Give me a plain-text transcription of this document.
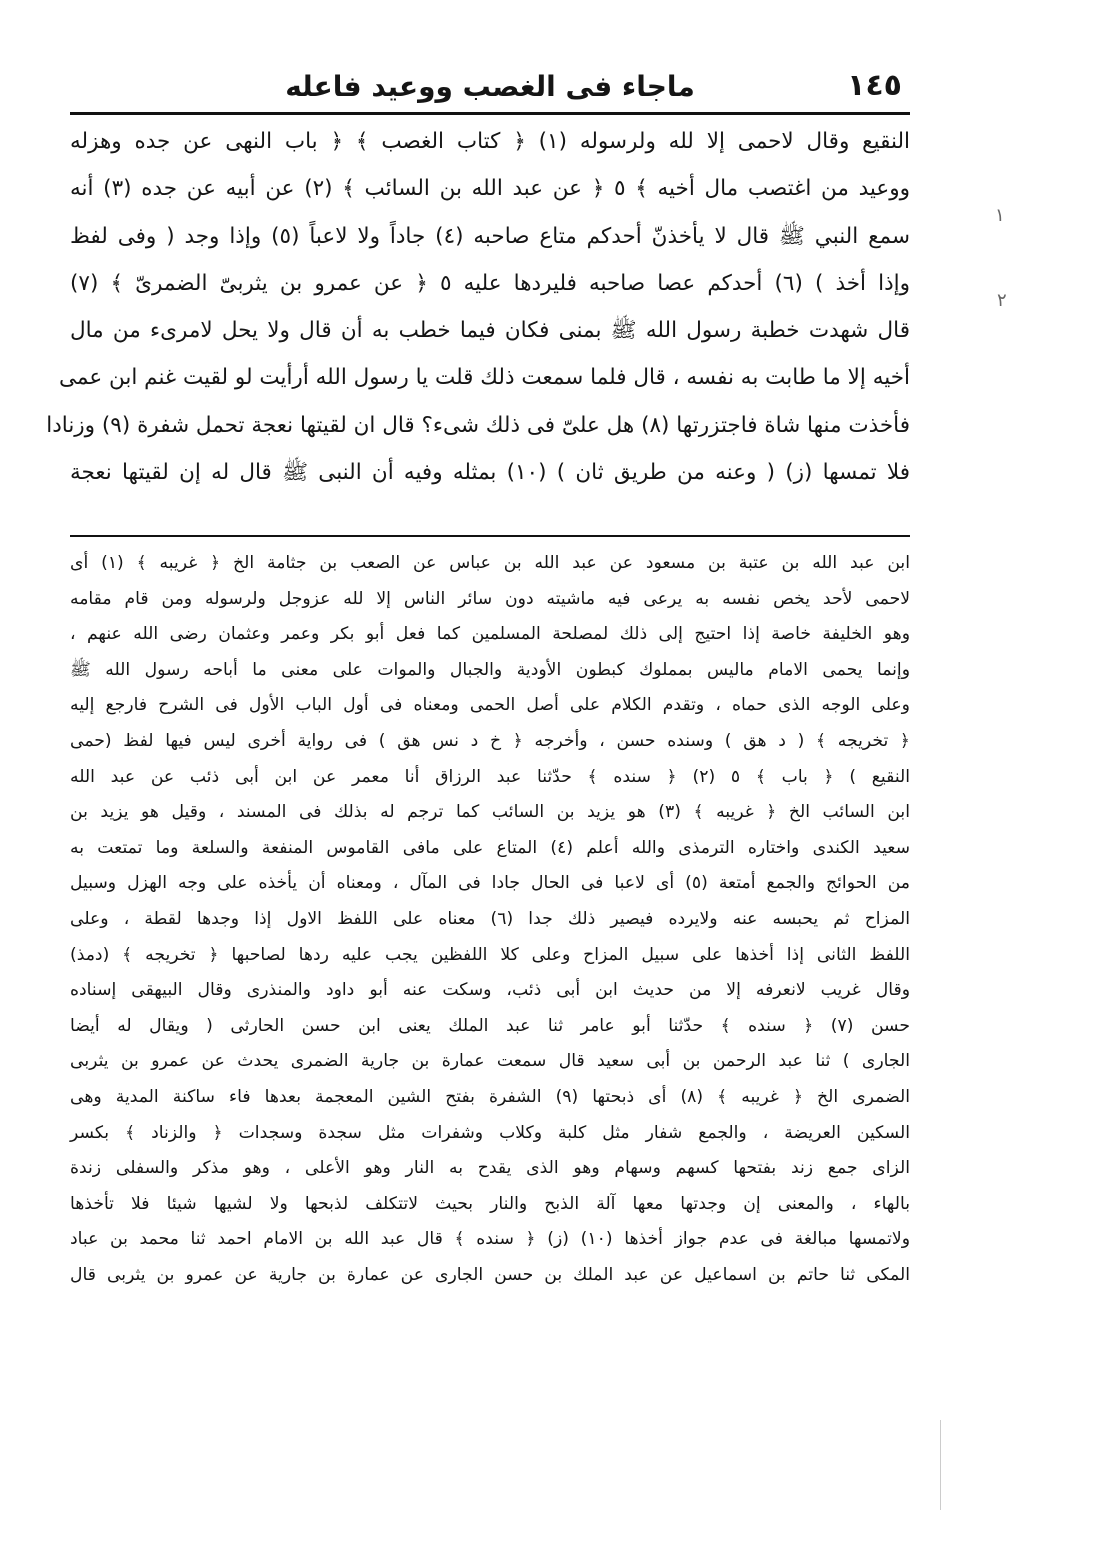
١٤٥
ماجاء فى الغصب ووعيد فاعله
١
٢
النقيع وقال لاحمى إلا لله ولرسوله (١) ﴿ كتاب الغصب ﴾ ﴿ باب النهى عن جده وهزله
ووعيد من اغتصب مال أخيه ﴾ ٥ ﴿ عن عبد الله بن السائب ﴾ (٢) عن أبيه عن جده (٣) أنه
سمع النبي ﷺ قال لا يأخذنّ أحدكم متاع صاحبه (٤) جاداً ولا لاعباً (٥) وإذا وجد ( وفى لفظ
وإذا أخذ ) (٦) أحدكم عصا صاحبه فليردها عليه ٥ ﴿ عن عمرو بن يثربىّ الضمرىّ ﴾ (٧)
قال شهدت خطبة رسول الله ﷺ بمنى فكان فيما خطب به أن قال ولا يحل لامرىء من مال
أخيه إلا ما طابت به نفسه ، قال فلما سمعت ذلك قلت يا رسول الله أرأيت لو لقيت غنم ابن عمى
فأخذت منها شاة فاجتزرتها (٨) هل علىّ فى ذلك شىء؟ قال ان لقيتها نعجة تحمل شفرة (٩) وزنادا
فلا تمسها (ز) ( وعنه من طريق ثان ) (١٠) بمثله وفيه أن النبى ﷺ قال له إن لقيتها نعجة
ابن عبد الله بن عتبة بن مسعود عن عبد الله بن عباس عن الصعب بن جثامة الخ ﴿ غريبه ﴾ (١) أى
لاحمى لأحد يخص نفسه به يرعى فيه ماشيته دون سائر الناس إلا لله عزوجل ولرسوله ومن قام مقامه
وهو الخليفة خاصة إذا احتيج إلى ذلك لمصلحة المسلمين كما فعل أبو بكر وعمر وعثمان رضى الله عنهم ،
وإنما يحمى الامام ماليس بمملوك كبطون الأودية والجبال والموات على معنى ما أباحه رسول الله ﷺ
وعلى الوجه الذى حماه ، وتقدم الكلام على أصل الحمى ومعناه فى أول الباب الأول فى الشرح فارجع إليه
﴿ تخريجه ﴾ ( د هق ) وسنده حسن ، وأخرجه ﴿ خ د نس هق ) فى رواية أخرى ليس فيها لفظ (حمى
النقيع ) ﴿ باب ﴾ ٥ (٢) ﴿ سنده ﴾ حدّثنا عبد الرزاق أنا معمر عن ابن أبى ذئب عن عبد الله
ابن السائب الخ ﴿ غريبه ﴾ (٣) هو يزيد بن السائب كما ترجم له بذلك فى المسند ، وقيل هو يزيد بن
سعيد الكندى واختاره الترمذى والله أعلم (٤) المتاع على مافى القاموس المنفعة والسلعة وما تمتعت به
من الحوائج والجمع أمتعة (٥) أى لاعبا فى الحال جادا فى المآل ، ومعناه أن يأخذه على وجه الهزل وسبيل
المزاح ثم يحبسه عنه ولايرده فيصير ذلك جدا (٦) معناه على اللفظ الاول إذا وجدها لقطة ، وعلى
اللفظ الثانى إذا أخذها على سبيل المزاح وعلى كلا اللفظين يجب عليه ردها لصاحبها ﴿ تخريجه ﴾ (دمذ)
وقال غريب لانعرفه إلا من حديث ابن أبى ذئب، وسكت عنه أبو داود والمنذرى وقال البيهقى إسناده
حسن (٧) ﴿ سنده ﴾ حدّثنا أبو عامر ثنا عبد الملك يعنى ابن حسن الحارثى ( ويقال له أيضا
الجارى ) ثنا عبد الرحمن بن أبى سعيد قال سمعت عمارة بن جارية الضمرى يحدث عن عمرو بن يثربى
الضمرى الخ ﴿ غريبه ﴾ (٨) أى ذبحتها (٩) الشفرة بفتح الشين المعجمة بعدها فاء ساكنة المدية وهى
السكين العريضة ، والجمع شفار مثل كلبة وكلاب وشفرات مثل سجدة وسجدات ﴿ والزناد ﴾ بكسر
الزاى جمع زند بفتحها كسهم وسهام وهو الذى يقدح به النار وهو الأعلى ، وهو مذكر والسفلى زندة
بالهاء ، والمعنى إن وجدتها معها آلة الذبح والنار بحيث لاتتكلف لذبحها ولا لشيها شيئا فلا تأخذها
ولاتمسها مبالغة فى عدم جواز أخذها (١٠) (ز) ﴿ سنده ﴾ قال عبد الله بن الامام احمد ثنا محمد بن عباد
المكى ثنا حاتم بن اسماعيل عن عبد الملك بن حسن الجارى عن عمارة بن جارية عن عمرو بن يثربى قال
